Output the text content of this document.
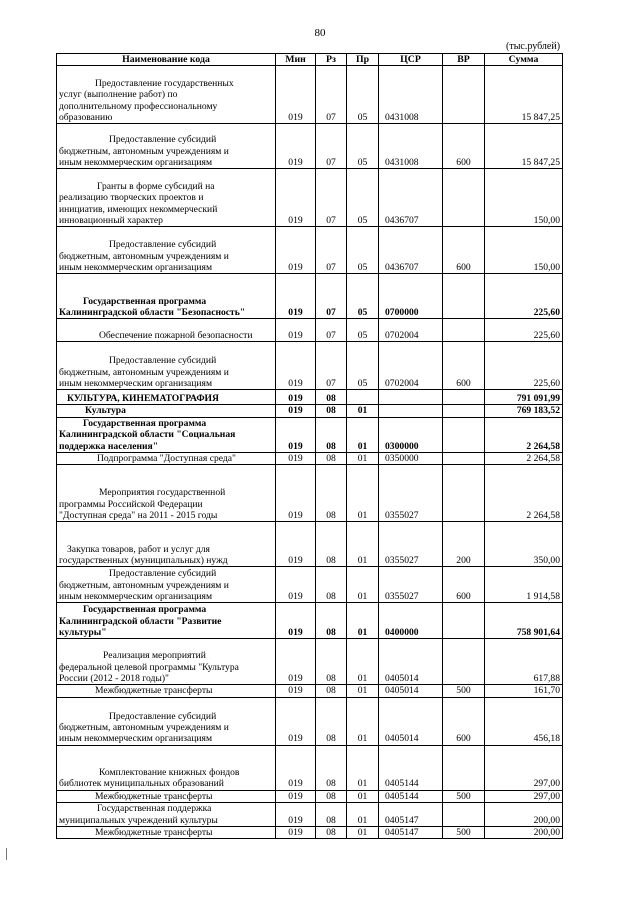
80
(тыс.рублей)
Наименование кода	Мин	Рз	Пр	ЦСР	ВР	Сумма
Предоставление государственных
услуг (выполнение работ) по
дополнительному профессиональному
образованию	019	07	05	0431008		15 847,25
Предоставление субсидий
бюджетным, автономным учреждениям и
иным некоммерческим организациям	019	07	05	0431008	600	15 847,25
Гранты в форме субсидий на
реализацию творческих проектов и
инициатив, имеющих некоммерческий
инновационный характер	019	07	05	0436707		150,00
Предоставление субсидий
бюджетным, автономным учреждениям и
иным некоммерческим организациям	019	07	05	0436707	600	150,00
Государственная программа
Калининградской области "Безопасность"	019	07	05	0700000		225,60
Обеспечение пожарной безопасности	019	07	05	0702004		225,60
Предоставление субсидий
бюджетным, автономным учреждениям и
иным некоммерческим организациям	019	07	05	0702004	600	225,60
КУЛЬТУРА, КИНЕМАТОГРАФИЯ	019	08				791 091,99
Культура	019	08	01			769 183,52
Государственная программа
Калининградской области "Социальная
поддержка населения"	019	08	01	0300000		2 264,58
Подпрограмма "Доступная среда"	019	08	01	0350000		2 264,58
Мероприятия государственной
программы Российской Федерации
"Доступная среда" на 2011 - 2015 годы	019	08	01	0355027		2 264,58
Закупка товаров, работ и услуг для
государственных (муниципальных) нужд	019	08	01	0355027	200	350,00
Предоставление субсидий
бюджетным, автономным учреждениям и
иным некоммерческим организациям	019	08	01	0355027	600	1 914,58
Государственная программа
Калининградской области "Развитие
культуры"	019	08	01	0400000		758 901,64
Реализация мероприятий
федеральной целевой программы "Культура
России (2012 - 2018 годы)"	019	08	01	0405014		617,88
Межбюджетные трансферты	019	08	01	0405014	500	161,70
Предоставление субсидий
бюджетным, автономным учреждениям и
иным некоммерческим организациям	019	08	01	0405014	600	456,18
Комплектование книжных фондов
библиотек муниципальных образований	019	08	01	0405144		297,00
Межбюджетные трансферты	019	08	01	0405144	500	297,00
Государственная поддержка
муниципальных учреждений культуры	019	08	01	0405147		200,00
Межбюджетные трансферты	019	08	01	0405147	500	200,00
